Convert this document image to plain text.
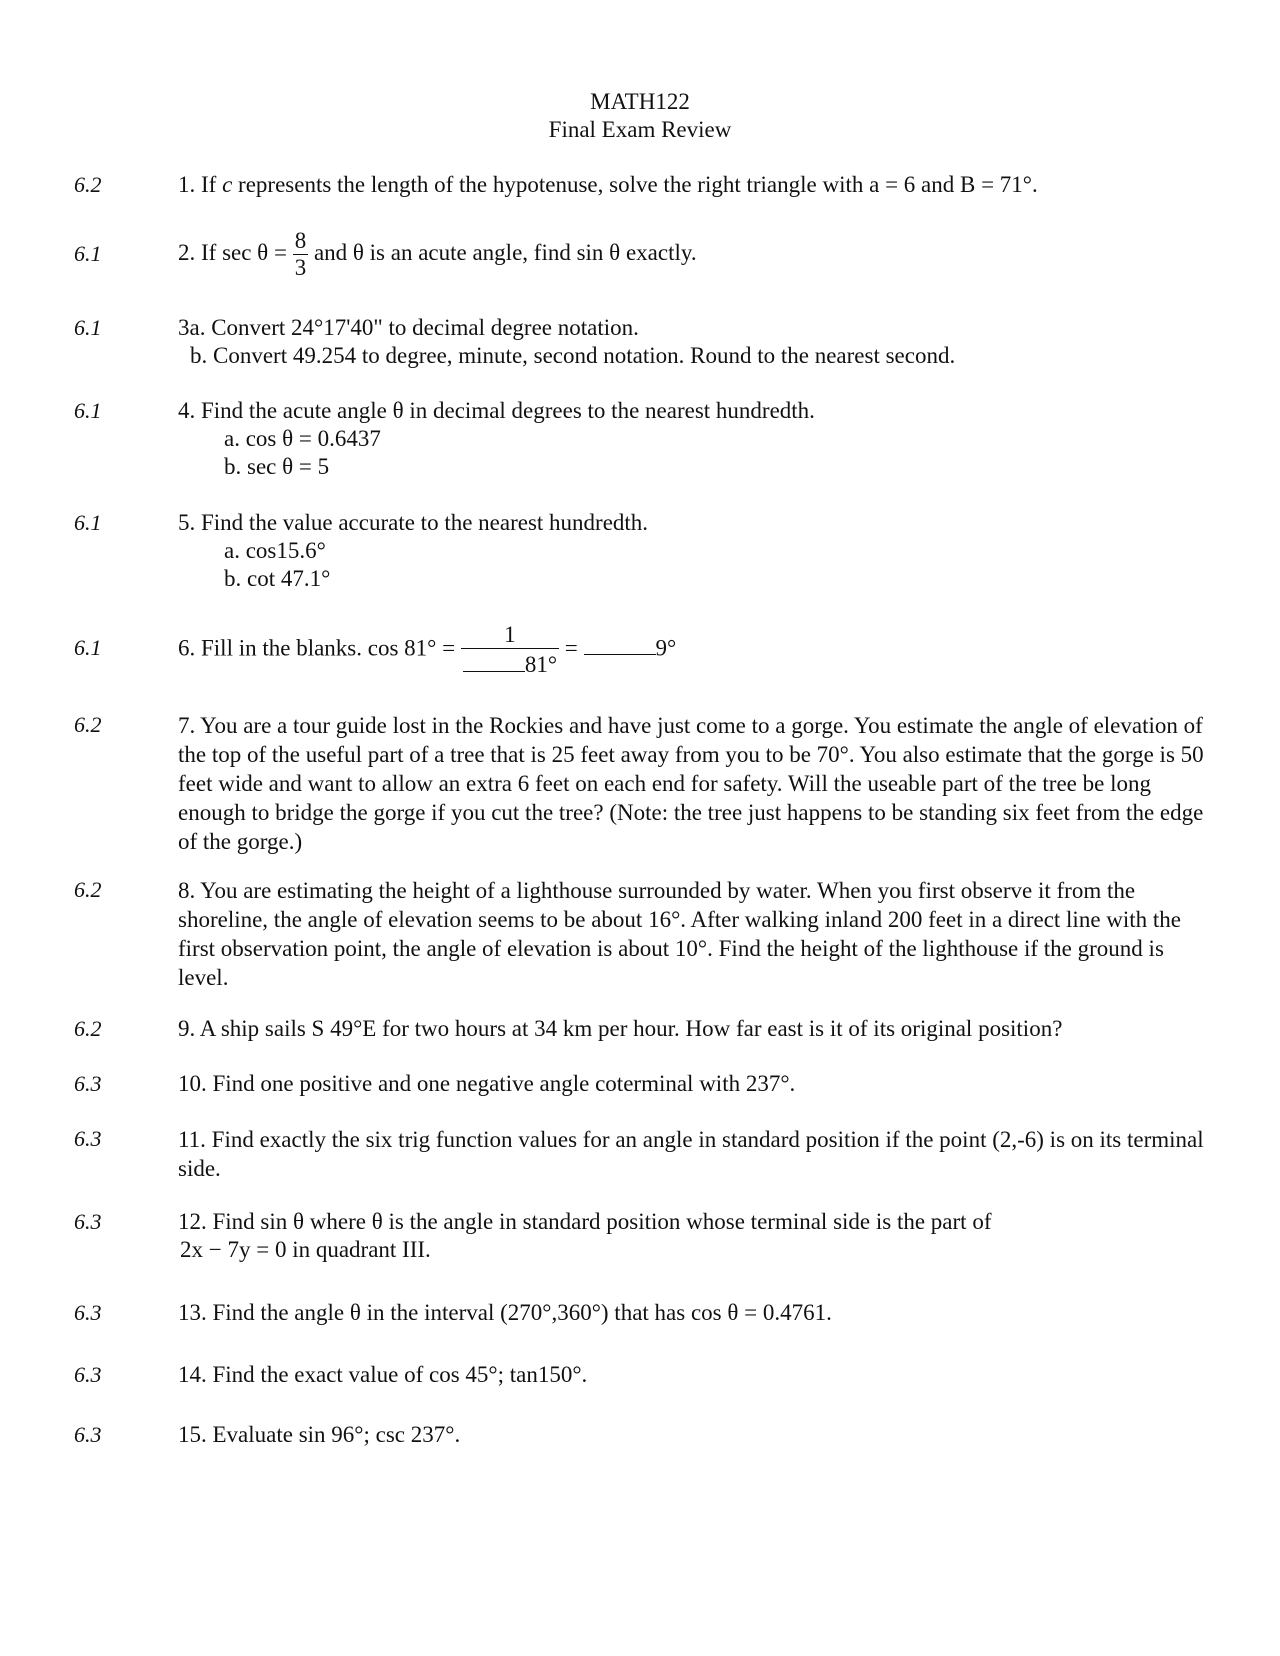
MATH122
Final Exam Review
6.2
6.1
6.1
6.1
6.1
6.1
6.2
6.2
6.2
6.3
6.3
6.3
6.3
6.3
6.3
1. If c represents the length of the hypotenuse, solve the right triangle with a = 6 and B = 71°.
2. If $\sec \theta = \frac{8}{3}$ and θ is an acute angle, find sin θ exactly.
3a. Convert 24°17'40" to decimal degree notation.
b. Convert 49.254 to degree, minute, second notation. Round to the nearest second.
4. Find the acute angle θ in decimal degrees to the nearest hundredth.
a. cos θ = 0.6437
b. sec θ = 5
5. Find the value accurate to the nearest hundredth.
a. cos15.6°
b. cot 47.1°
6. Fill in the blanks. $\cos 81^\circ = \frac{1}{81^\circ}$ =	9°
7. You are a tour guide lost in the Rockies and have just come to a gorge. You estimate the angle of elevation of the top of the useful part of a tree that is 25 feet away from you to be 70°. You also estimate that the gorge is 50 feet wide and want to allow an extra 6 feet on each end for safety. Will the useable part of the tree be long enough to bridge the gorge if you cut the tree? (Note: the tree just happens to be standing six feet from the edge of the gorge.)
8. You are estimating the height of a lighthouse surrounded by water. When you first observe it from the shoreline, the angle of elevation seems to be about 16°. After walking inland 200 feet in a direct line with the first observation point, the angle of elevation is about 10°. Find the height of the lighthouse if the ground is level.
9. A ship sails S 49°E for two hours at 34 km per hour. How far east is it of its original position?
10. Find one positive and one negative angle coterminal with 237°.
11. Find exactly the six trig function values for an angle in standard position if the point (2,-6) is on its terminal side.
12. Find sin θ where θ is the angle in standard position whose terminal side is the part of
2x − 7y = 0 in quadrant III.
13. Find the angle θ in the interval (270°,360°) that has cos θ = 0.4761.
14. Find the exact value of cos 45°; tan150°.
15. Evaluate sin 96°; csc 237°.
